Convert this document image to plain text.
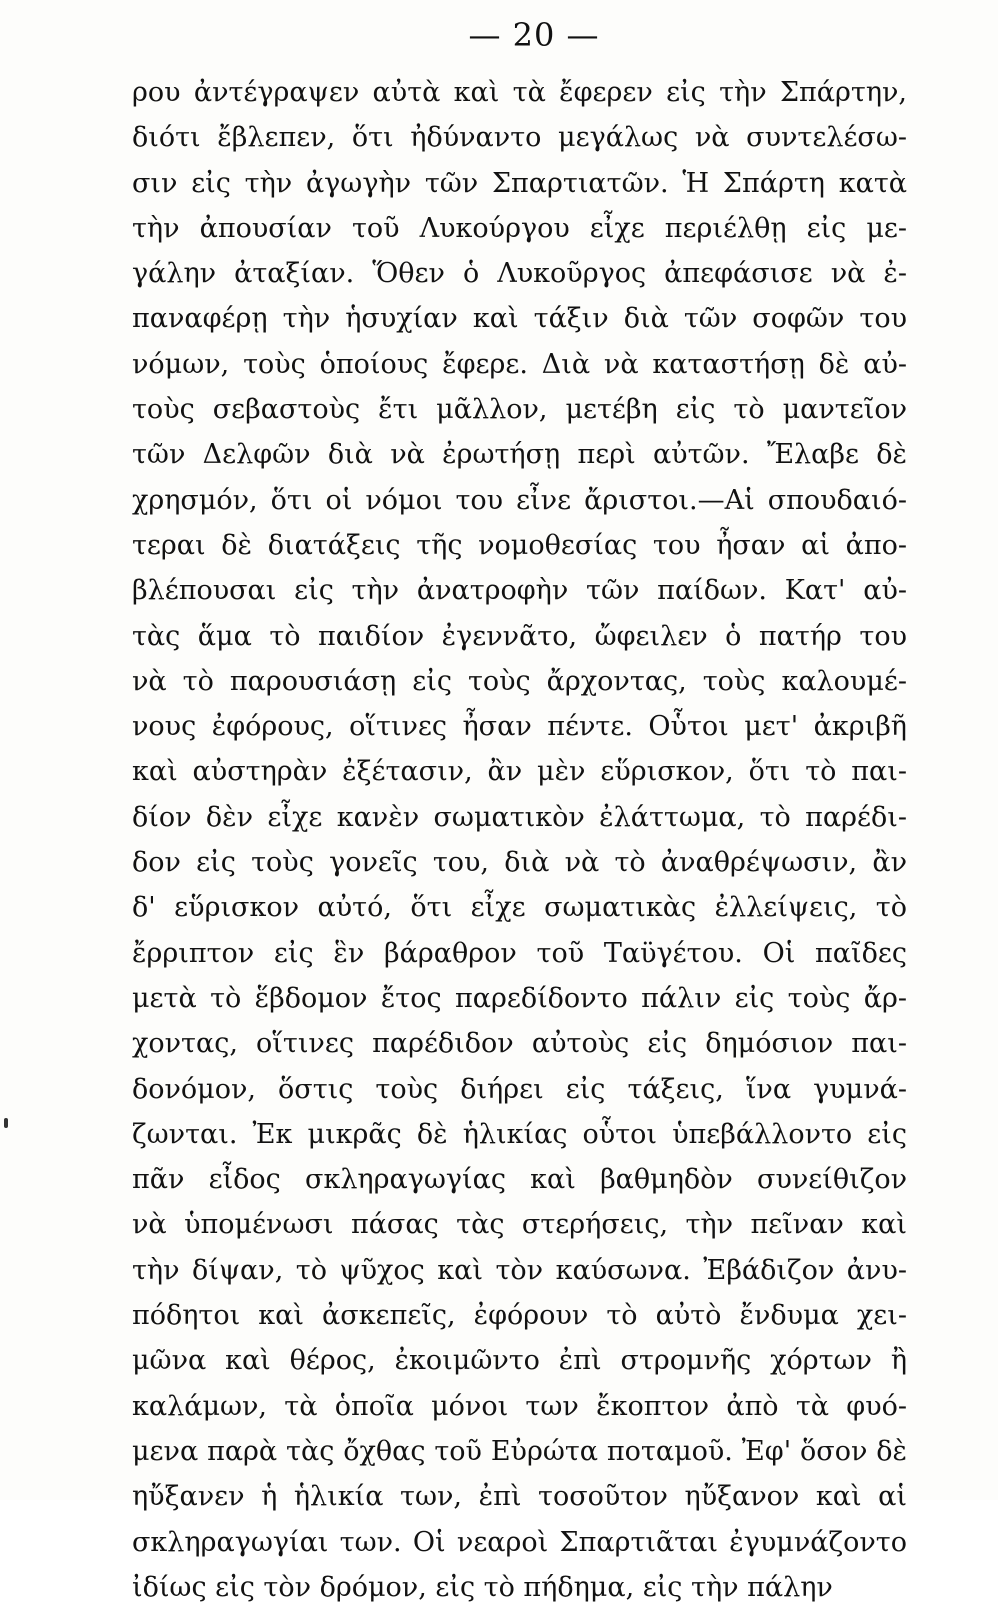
— 20 —
ρου ἀντέγραψεν αὐτὰ καὶ τὰ ἔφερεν εἰς τὴν Σπάρτην,
διότι ἔβλεπεν, ὅτι ἠδύναντο μεγάλως νὰ συντελέσω-
σιν εἰς τὴν ἀγωγὴν τῶν Σπαρτιατῶν. Ἡ Σπάρτη κατὰ
τὴν ἀπουσίαν τοῦ Λυκούργου εἶχε περιέλθῃ εἰς με-
γάλην ἀταξίαν. Ὅθεν ὁ Λυκοῦργος ἀπεφάσισε νὰ ἐ-
παναφέρῃ τὴν ἡσυχίαν καὶ τάξιν διὰ τῶν σοφῶν του
νόμων, τοὺς ὁποίους ἔφερε. Διὰ νὰ καταστήσῃ δὲ αὐ-
τοὺς σεβαστοὺς ἔτι μᾶλλον, μετέβη εἰς τὸ μαντεῖον
τῶν Δελφῶν διὰ νὰ ἐρωτήσῃ περὶ αὐτῶν. Ἔλαβε δὲ
χρησμόν, ὅτι οἱ νόμοι του εἶνε ἄριστοι.—Αἱ σπουδαιό-
τεραι δὲ διατάξεις τῆς νομοθεσίας του ἦσαν αἱ ἀπο-
βλέπουσαι εἰς τὴν ἀνατροφὴν τῶν παίδων. Κατ' αὐ-
τὰς ἅμα τὸ παιδίον ἐγεννᾶτο, ὤφειλεν ὁ πατήρ του
νὰ τὸ παρουσιάσῃ εἰς τοὺς ἄρχοντας, τοὺς καλουμέ-
νους ἐφόρους, οἵτινες ἦσαν πέντε. Οὗτοι μετ' ἀκριβῆ
καὶ αὐστηρὰν ἐξέτασιν, ἂν μὲν εὕρισκον, ὅτι τὸ παι-
δίον δὲν εἶχε κανὲν σωματικὸν ἐλάττωμα, τὸ παρέδι-
δον εἰς τοὺς γονεῖς του, διὰ νὰ τὸ ἀναθρέψωσιν, ἂν
δ' εὕρισκον αὐτό, ὅτι εἶχε σωματικὰς ἐλλείψεις, τὸ
ἔρριπτον εἰς ἓν βάραθρον τοῦ Ταϋγέτου. Οἱ παῖδες
μετὰ τὸ ἕβδομον ἔτος παρεδίδοντο πάλιν εἰς τοὺς ἄρ-
χοντας, οἵτινες παρέδιδον αὐτοὺς εἰς δημόσιον παι-
δονόμον, ὅστις τοὺς διήρει εἰς τάξεις, ἵνα γυμνά-
ζωνται. Ἐκ μικρᾶς δὲ ἡλικίας οὗτοι ὑπεβάλλοντο εἰς
πᾶν εἶδος σκληραγωγίας καὶ βαθμηδὸν συνείθιζον
νὰ ὑπομένωσι πάσας τὰς στερήσεις, τὴν πεῖναν καὶ
τὴν δίψαν, τὸ ψῦχος καὶ τὸν καύσωνα. Ἐβάδιζον ἀνυ-
πόδητοι καὶ ἀσκεπεῖς, ἐφόρουν τὸ αὐτὸ ἔνδυμα χει-
μῶνα καὶ θέρος, ἐκοιμῶντο ἐπὶ στρομνῆς χόρτων ἢ
καλάμων, τὰ ὁποῖα μόνοι των ἔκοπτον ἀπὸ τὰ φυό-
μενα παρὰ τὰς ὄχθας τοῦ Εὐρώτα ποταμοῦ. Ἐφ' ὅσον δὲ
ηὔξανεν ἡ ἡλικία των, ἐπὶ τοσοῦτον ηὔξανον καὶ αἱ
σκληραγωγίαι των. Οἱ νεαροὶ Σπαρτιᾶται ἐγυμνάζοντο
ἰδίως εἰς τὸν δρόμον, εἰς τὸ πήδημα, εἰς τὴν πάλην
